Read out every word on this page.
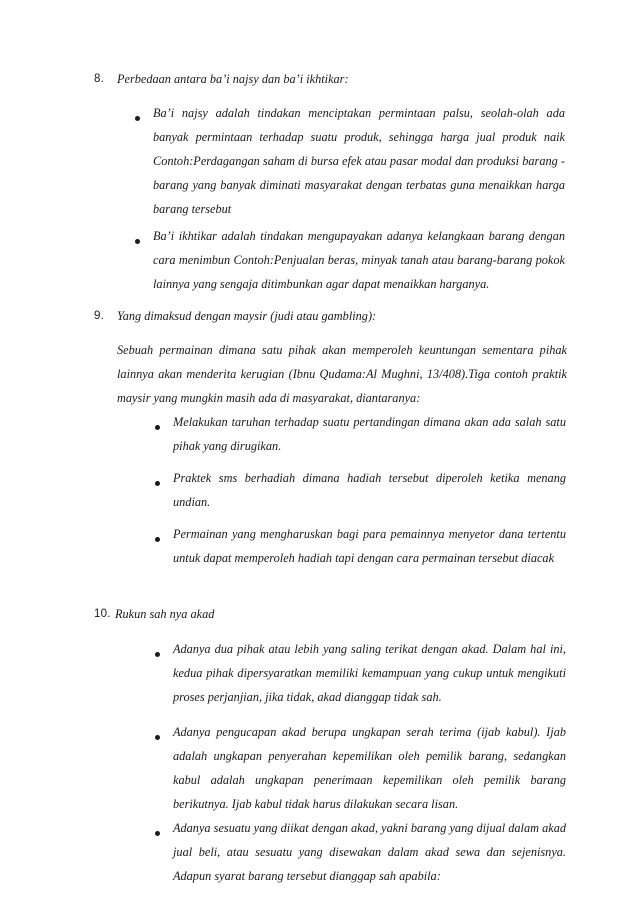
8. Perbedaan antara ba’i najsy dan ba’i ikhtikar:

Ba’i najsy adalah tindakan menciptakan permintaan palsu, seolah-olah ada banyak permintaan terhadap suatu produk, sehingga harga jual produk naik Contoh:Perdagangan saham di bursa efek atau pasar modal dan produksi barang -barang yang banyak diminati masyarakat dengan terbatas guna menaikkan harga barang tersebut

Ba’i ikhtikar adalah tindakan mengupayakan adanya kelangkaan barang dengan cara menimbun Contoh:Penjualan beras, minyak tanah atau barang-barang pokok lainnya yang sengaja ditimbunkan agar dapat menaikkan harganya.

9. Yang dimaksud dengan maysir (judi atau gambling):

Sebuah permainan dimana satu pihak akan memperoleh keuntungan sementara pihak lainnya akan menderita kerugian (Ibnu Qudama:Al Mughni, 13/408).Tiga contoh praktik maysir yang mungkin masih ada di masyarakat, diantaranya:

Melakukan taruhan terhadap suatu pertandingan dimana akan ada salah satu pihak yang dirugikan.

Praktek sms berhadiah dimana hadiah tersebut diperoleh ketika menang undian.

Permainan yang mengharuskan bagi para pemainnya menyetor dana tertentu untuk dapat memperoleh hadiah tapi dengan cara permainan tersebut diacak

10. Rukun sah nya akad

Adanya dua pihak atau lebih yang saling terikat dengan akad. Dalam hal ini, kedua pihak dipersyaratkan memiliki kemampuan yang cukup untuk mengikuti proses perjanjian, jika tidak, akad dianggap tidak sah.

Adanya pengucapan akad berupa ungkapan serah terima (ijab kabul). Ijab adalah ungkapan penyerahan kepemilikan oleh pemilik barang, sedangkan kabul adalah ungkapan penerimaan kepemilikan oleh pemilik barang berikutnya. Ijab kabul tidak harus dilakukan secara lisan.

Adanya sesuatu yang diikat dengan akad, yakni barang yang dijual dalam akad jual beli, atau sesuatu yang disewakan dalam akad sewa dan sejenisnya. Adapun syarat barang tersebut dianggap sah apabila:
